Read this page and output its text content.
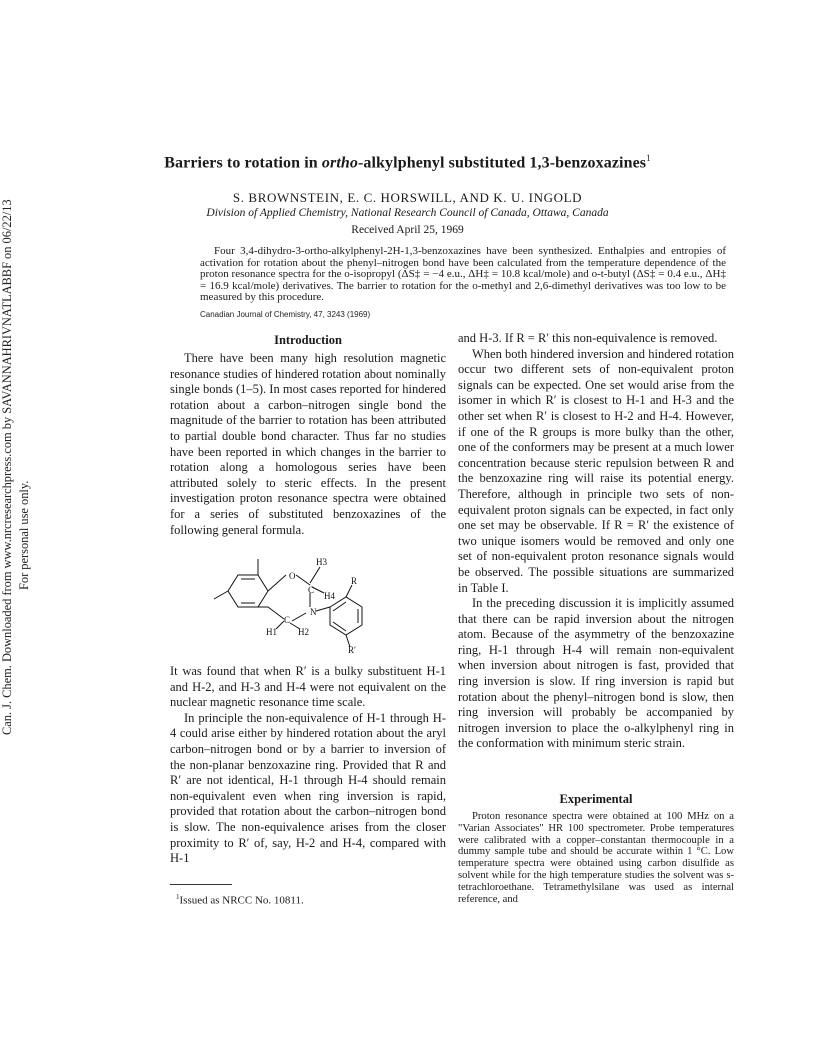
Can. J. Chem. Downloaded from www.nrcresearchpress.com by SAVANNAHRIVNATLABBF on 06/22/13 For personal use only.
Barriers to rotation in ortho-alkylphenyl substituted 1,3-benzoxazines$^1$
S. BROWNSTEIN, E. C. HORSWILL, AND K. U. INGOLD
Division of Applied Chemistry, National Research Council of Canada, Ottawa, Canada
Received April 25, 1969

Four 3,4-dihydro-3-ortho-alkylphenyl-2H-1,3-benzoxazines have been synthesized. Enthalpies and entropies of activation for rotation about the phenyl–nitrogen bond have been calculated from the temperature dependence of the proton resonance spectra for the o-isopropyl (ΔS‡ = −4 e.u., ΔH‡ = 10.8 kcal/mole) and o-t-butyl (ΔS‡ = 0.4 e.u., ΔH‡ = 16.9 kcal/mole) derivatives. The barrier to rotation for the o-methyl and 2,6-dimethyl derivatives was too low to be measured by this procedure.

Canadian Journal of Chemistry, 47, 3243 (1969)
Introduction

There have been many high resolution magnetic resonance studies of hindered rotation about nominally single bonds (1–5). In most cases reported for hindered rotation about a carbon–nitrogen single bond the magnitude of the barrier to rotation has been attributed to partial double bond character. Thus far no studies have been reported in which changes in the barrier to rotation along a homologous series have been attributed solely to steric effects. In the present investigation proton resonance spectra were obtained for a series of substituted benzoxazines of the following general formula.

O
C
N
C
H3
H4
H1 H2
R
R′

It was found that when R′ is a bulky substituent H-1 and H-2, and H-3 and H-4 were not equivalent on the nuclear magnetic resonance time scale.

In principle the non-equivalence of H-1 through H-4 could arise either by hindered rotation about the aryl carbon–nitrogen bond or by a barrier to inversion of the non-planar benzoxazine ring. Provided that R and R′ are not identical, H-1 through H-4 should remain non-equivalent even when ring inversion is rapid, provided that rotation about the carbon–nitrogen bond is slow. The non-equivalence arises from the closer proximity to R′ of, say, H-2 and H-4, compared with H-1

$^1$Issued as NRCC No. 10811.

and H-3. If R = R′ this non-equivalence is removed.

When both hindered inversion and hindered rotation occur two different sets of non-equivalent proton signals can be expected. One set would arise from the isomer in which R′ is closest to H-1 and H-3 and the other set when R′ is closest to H-2 and H-4. However, if one of the R groups is more bulky than the other, one of the conformers may be present at a much lower concentration because steric repulsion between R and the benzoxazine ring will raise its potential energy. Therefore, although in principle two sets of non-equivalent proton signals can be expected, in fact only one set may be observable. If R = R′ the existence of two unique isomers would be removed and only one set of non-equivalent proton resonance signals would be observed. The possible situations are summarized in Table I.

In the preceding discussion it is implicitly assumed that there can be rapid inversion about the nitrogen atom. Because of the asymmetry of the benzoxazine ring, H-1 through H-4 will remain non-equivalent when inversion about nitrogen is fast, provided that ring inversion is slow. If ring inversion is rapid but rotation about the phenyl–nitrogen bond is slow, then ring inversion will probably be accompanied by nitrogen inversion to place the o-alkylphenyl ring in the conformation with minimum steric strain.

Experimental

Proton resonance spectra were obtained at 100 MHz on a "Varian Associates" HR 100 spectrometer. Probe temperatures were calibrated with a copper–constantan thermocouple in a dummy sample tube and should be accurate within 1 °C. Low temperature spectra were obtained using carbon disulfide as solvent while for the high temperature studies the solvent was s-tetrachloroethane. Tetramethylsilane was used as internal reference, and
